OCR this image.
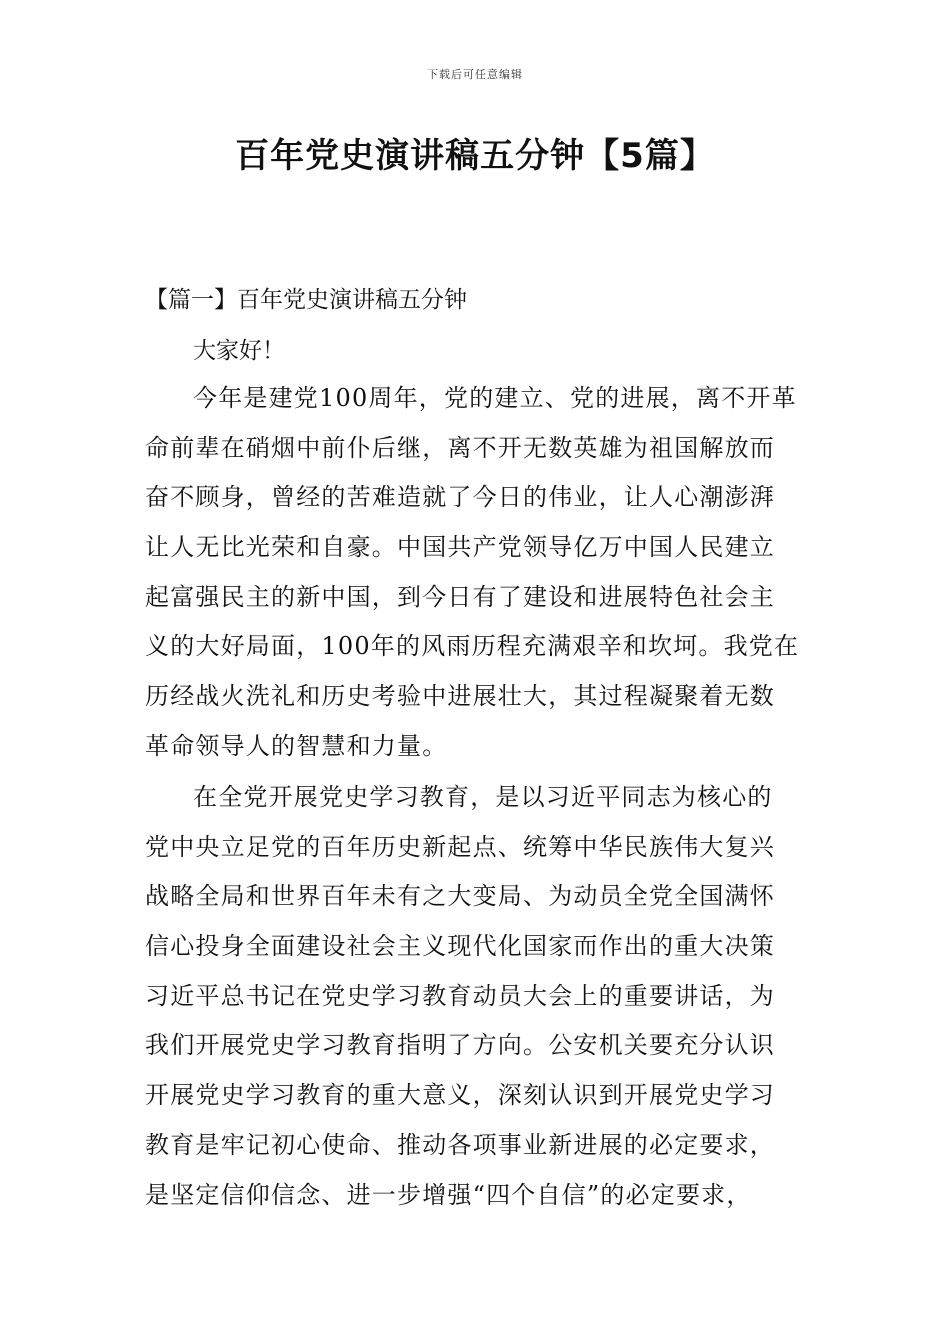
下载后可任意编辑
百年党史演讲稿五分钟【5篇】
【篇一】百年党史演讲稿五分钟
大家好！
今年是建党100周年，党的建立、党的进展，离不开革
命前辈在硝烟中前仆后继，离不开无数英雄为祖国解放而
奋不顾身，曾经的苦难造就了今日的伟业，让人心潮澎湃
让人无比光荣和自豪。中国共产党领导亿万中国人民建立
起富强民主的新中国，到今日有了建设和进展特色社会主
义的大好局面，100年的风雨历程充满艰辛和坎坷。我党在
历经战火洗礼和历史考验中进展壮大，其过程凝聚着无数
革命领导人的智慧和力量。
在全党开展党史学习教育，是以习近平同志为核心的
党中央立足党的百年历史新起点、统筹中华民族伟大复兴
战略全局和世界百年未有之大变局、为动员全党全国满怀
信心投身全面建设社会主义现代化国家而作出的重大决策
习近平总书记在党史学习教育动员大会上的重要讲话，为
我们开展党史学习教育指明了方向。公安机关要充分认识
开展党史学习教育的重大意义，深刻认识到开展党史学习
教育是牢记初心使命、推动各项事业新进展的必定要求，
是坚定信仰信念、进一步增强“四个自信”的必定要求，
